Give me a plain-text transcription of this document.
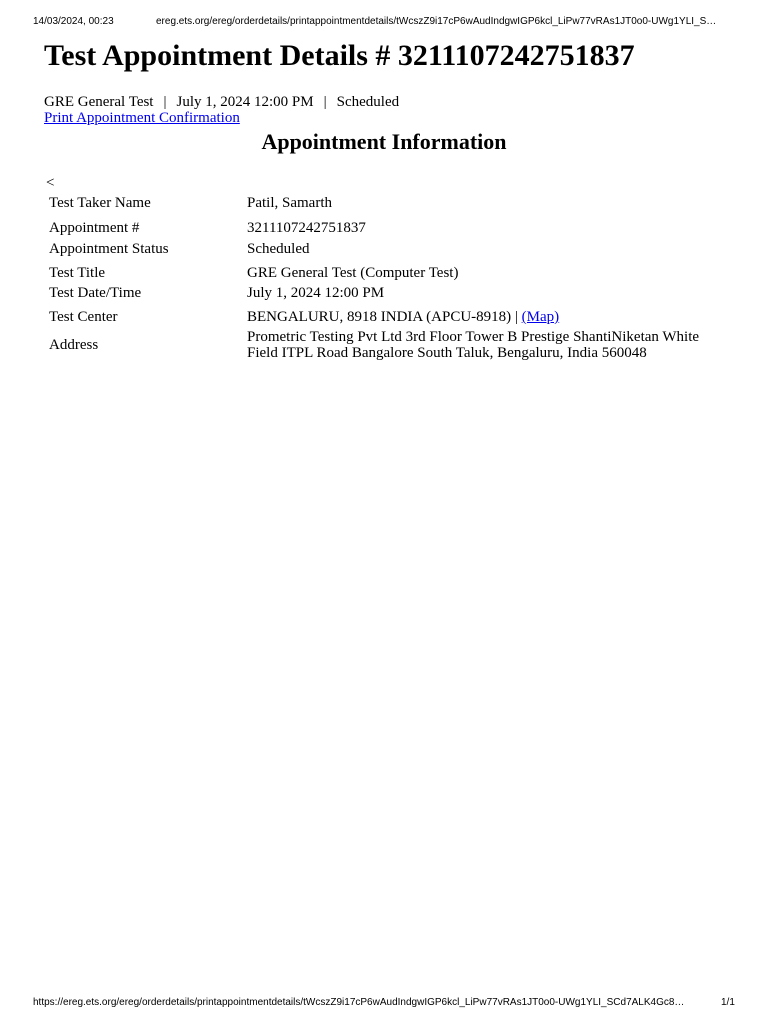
14/03/2024, 00:23	ereg.ets.org/ereg/orderdetails/printappointmentdetails/tWcszZ9i17cP6wAudIndgwIGP6kcl_LiPw77vRAs1JT0o0-UWg1YLI_S…
Test Appointment Details # 3211107242751837
GRE General Test | July 1, 2024 12:00 PM | Scheduled
Print Appointment Confirmation
Appointment Information
<
Test Taker Name	Patil, Samarth
Appointment #	3211107242751837
Appointment Status	Scheduled
Test Title	GRE General Test (Computer Test)
Test Date/Time	July 1, 2024 12:00 PM
Test Center	BENGALURU, 8918 INDIA (APCU-8918) | (Map)
Address	Prometric Testing Pvt Ltd 3rd Floor Tower B Prestige ShantiNiketan White Field ITPL Road Bangalore South Taluk, Bengaluru, India 560048
https://ereg.ets.org/ereg/orderdetails/printappointmentdetails/tWcszZ9i17cP6wAudIndgwIGP6kcl_LiPw77vRAs1JT0o0-UWg1YLI_SCd7ALK4Gc8…	1/1
